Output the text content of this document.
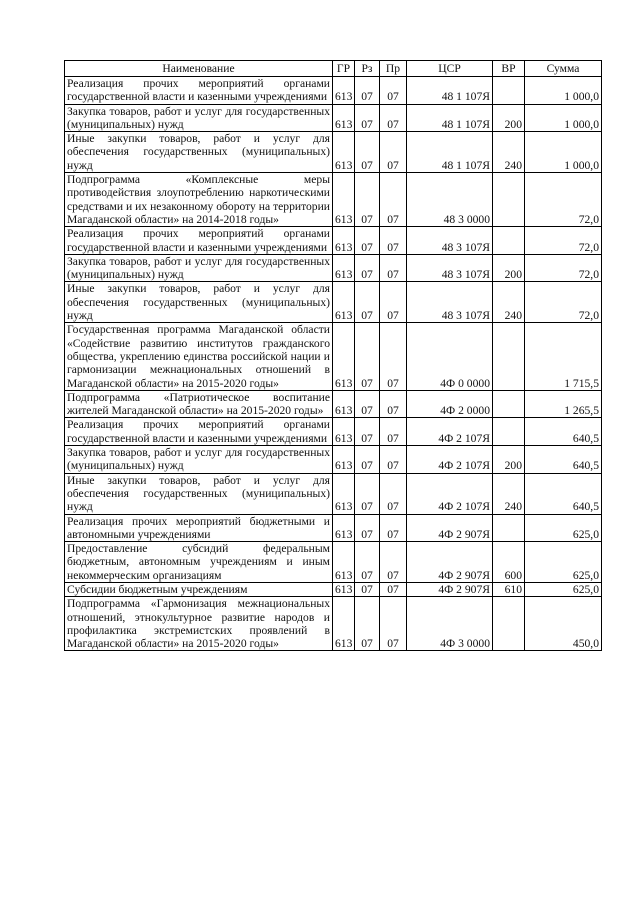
Наименование	ГР	Рз	Пр	ЦСР	ВР	Сумма
Реализация прочих мероприятий органами государственной власти и казенными учреждениями	613	07	07	48 1 107Я		1 000,0
Закупка товаров, работ и услуг для государственных (муниципальных) нужд	613	07	07	48 1 107Я	200	1 000,0
Иные закупки товаров, работ и услуг для обеспечения государственных (муниципальных) нужд	613	07	07	48 1 107Я	240	1 000,0
Подпрограмма «Комплексные меры противодействия злоупотреблению наркотическими средствами и их незаконному обороту на территории Магаданской области» на 2014-2018 годы»	613	07	07	48 3 0000		72,0
Реализация прочих мероприятий органами государственной власти и казенными учреждениями	613	07	07	48 3 107Я		72,0
Закупка товаров, работ и услуг для государственных (муниципальных) нужд	613	07	07	48 3 107Я	200	72,0
Иные закупки товаров, работ и услуг для обеспечения государственных (муниципальных) нужд	613	07	07	48 3 107Я	240	72,0
Государственная программа Магаданской области «Содействие развитию институтов гражданского общества, укреплению единства российской нации и гармонизации межнациональных отношений в Магаданской области» на 2015-2020 годы»	613	07	07	4Ф 0 0000		1 715,5
Подпрограмма «Патриотическое воспитание жителей Магаданской области» на 2015-2020 годы»	613	07	07	4Ф 2 0000		1 265,5
Реализация прочих мероприятий органами государственной власти и казенными учреждениями	613	07	07	4Ф 2 107Я		640,5
Закупка товаров, работ и услуг для государственных (муниципальных) нужд	613	07	07	4Ф 2 107Я	200	640,5
Иные закупки товаров, работ и услуг для обеспечения государственных (муниципальных) нужд	613	07	07	4Ф 2 107Я	240	640,5
Реализация прочих мероприятий бюджетными и автономными учреждениями	613	07	07	4Ф 2 907Я		625,0
Предоставление субсидий федеральным бюджетным, автономным учреждениям и иным некоммерческим организациям	613	07	07	4Ф 2 907Я	600	625,0
Субсидии бюджетным учреждениям	613	07	07	4Ф 2 907Я	610	625,0
Подпрограмма «Гармонизация межнациональных отношений, этнокультурное развитие народов и профилактика экстремистских проявлений в Магаданской области» на 2015-2020 годы»	613	07	07	4Ф 3 0000		450,0
